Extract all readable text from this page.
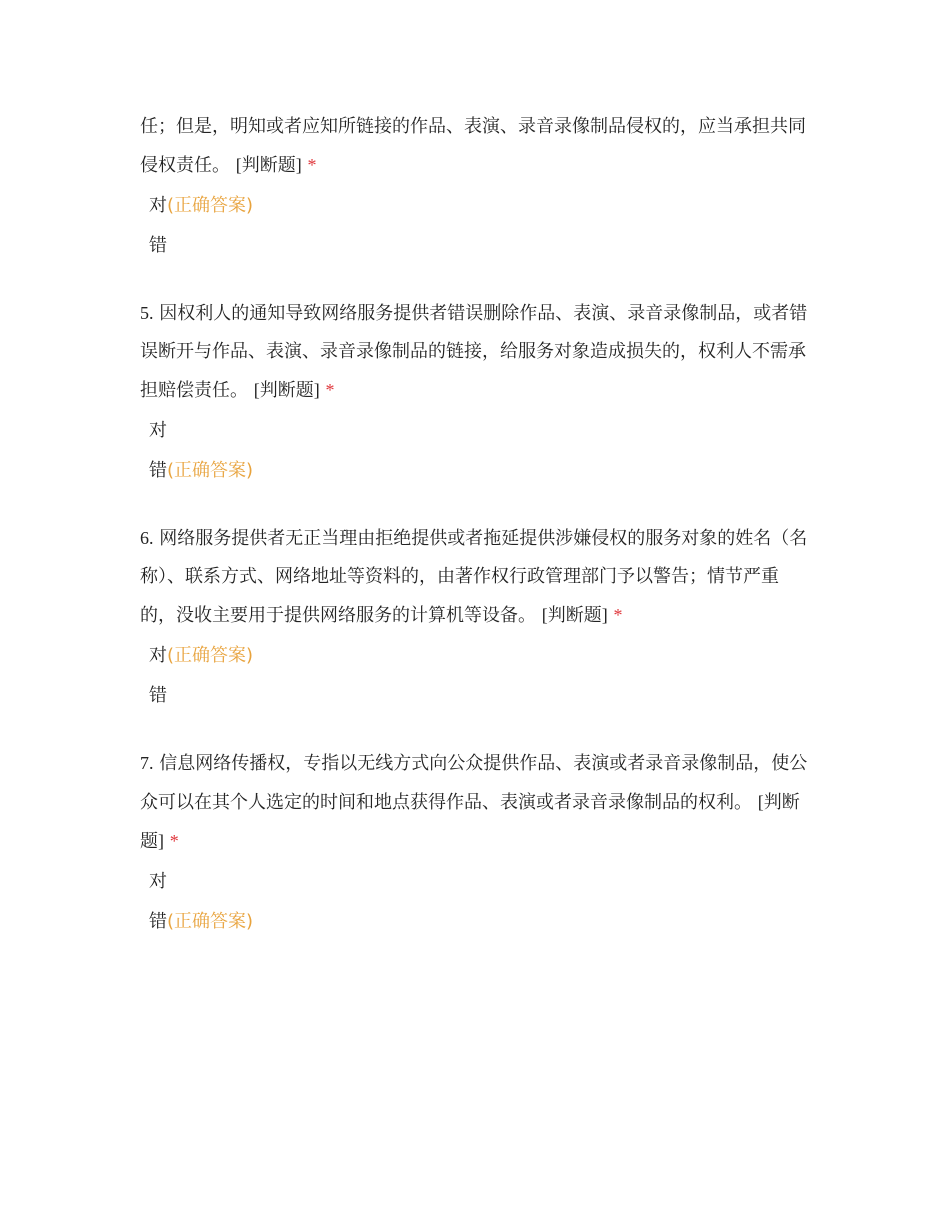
任；但是，明知或者应知所链接的作品、表演、录音录像制品侵权的，应当承担共同侵权责任。 [判断题] *

对(正确答案)
错

5. 因权利人的通知导致网络服务提供者错误删除作品、表演、录音录像制品，或者错误断开与作品、表演、录音录像制品的链接，给服务对象造成损失的，权利人不需承担赔偿责任。 [判断题] *

对
错(正确答案)

6. 网络服务提供者无正当理由拒绝提供或者拖延提供涉嫌侵权的服务对象的姓名（名称）、联系方式、网络地址等资料的，由著作权行政管理部门予以警告；情节严重的，没收主要用于提供网络服务的计算机等设备。 [判断题] *

对(正确答案)
错

7. 信息网络传播权，专指以无线方式向公众提供作品、表演或者录音录像制品，使公众可以在其个人选定的时间和地点获得作品、表演或者录音录像制品的权利。 [判断题] *

对
错(正确答案)
